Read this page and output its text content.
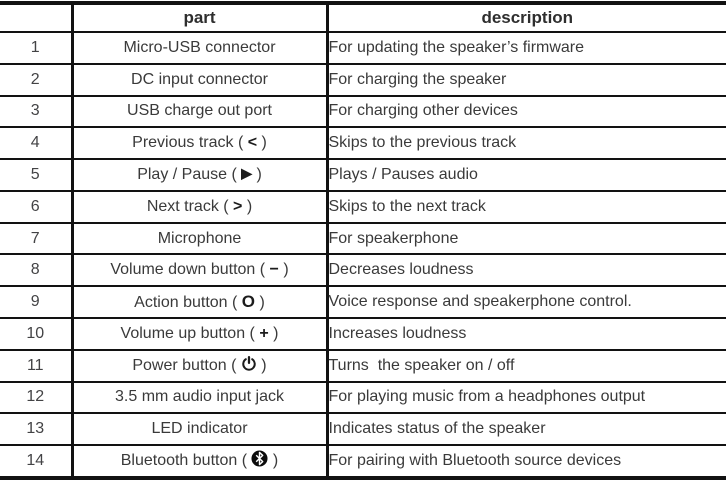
	part	description
1	Micro-USB connector	For updating the speaker’s firmware
2	DC input connector	For charging the speaker
3	USB charge out port	For charging other devices
4	Previous track ( < )	Skips to the previous track
5	Play / Pause ( ▶ )	Plays / Pauses audio
6	Next track ( > )	Skips to the next track
7	Microphone	For speakerphone
8	Volume down button ( − )	Decreases loudness
9	Action button ( O )	Voice response and speakerphone control.
10	Volume up button ( + )	Increases loudness
11	Power button (  )	Turns  the speaker on / off
12	3.5 mm audio input jack	For playing music from a headphones output
13	LED indicator	Indicates status of the speaker
14	Bluetooth button (  )	For pairing with Bluetooth source devices
